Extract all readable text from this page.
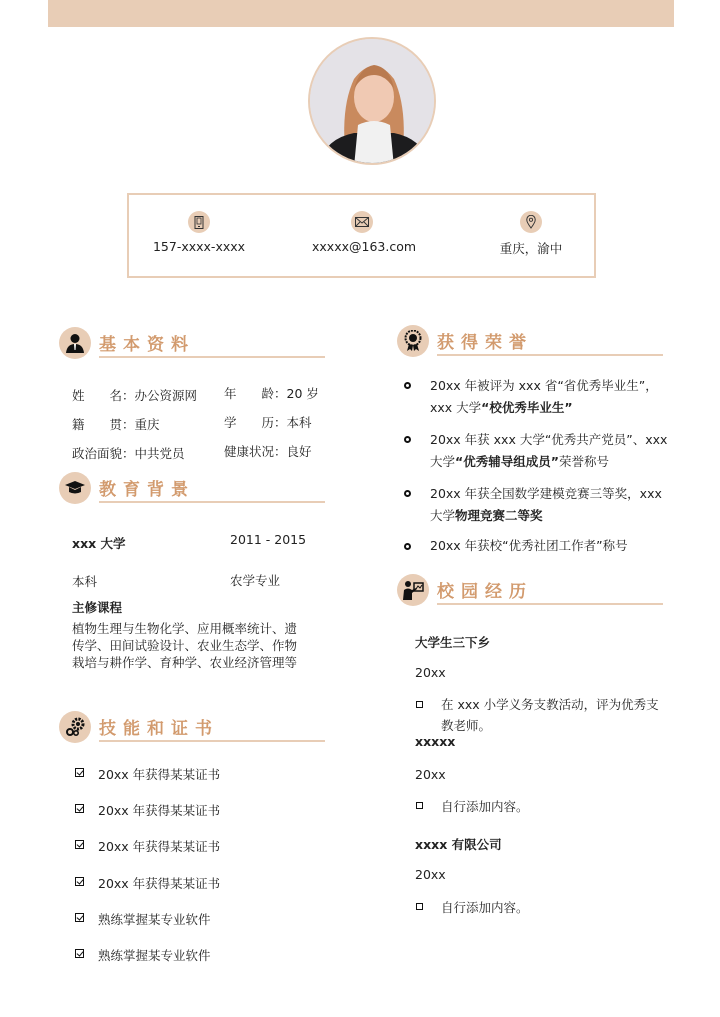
157-xxxx-xxxx	xxxxx@163.com	重庆，渝中
基本资料
姓　　名：办公资源网 年　　龄：20 岁
籍　　贯：重庆	学　　历：本科
政治面貌：中共党员	健康状况：良好
教育背景
xxx 大学	2011 - 2015
本科	农学专业
主修课程
植物生理与生物化学、应用概率统计、遗传学、田间试验设计、农业生态学、作物栽培与耕作学、育种学、农业经济管理等
技能和证书
20xx 年获得某某证书
20xx 年获得某某证书
20xx 年获得某某证书
20xx 年获得某某证书
熟练掌握某专业软件
熟练掌握某专业软件
获得荣誉
20xx 年被评为 xxx 省“省优秀毕业生”，xxx 大学“校优秀毕业生”
20xx 年获 xxx 大学“优秀共产党员”、xxx 大学“优秀辅导组成员”荣誉称号
20xx 年获全国数学建模竞赛三等奖，xxx 大学物理竞赛二等奖
20xx 年获校“优秀社团工作者”称号
校园经历
大学生三下乡
20xx
在 xxx 小学义务支教活动，评为优秀支教老师。
xxxxx
20xx
自行添加内容。
xxxx 有限公司
20xx
自行添加内容。
